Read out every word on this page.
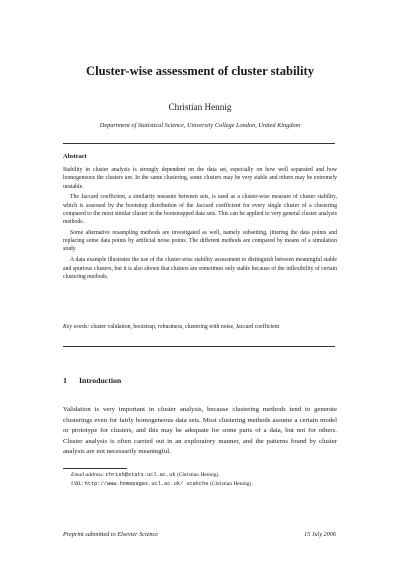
Cluster-wise assessment of cluster stability
Christian Hennig
Department of Statistical Science, University College London, United Kingdom
Abstract

Stability in cluster analysis is strongly dependent on the data set, especially on how well separated and how homogeneous the clusters are. In the same clustering, some clusters may be very stable and others may be extremely unstable.

The Jaccard coefficient, a similarity measure between sets, is used as a cluster-wise measure of cluster stability, which is assessed by the bootstrap distribution of the Jaccard coefficient for every single cluster of a clustering compared to the most similar cluster in the bootstrapped data sets. This can be applied to very general cluster analysis methods.

Some alternative resampling methods are investigated as well, namely subsetting, jittering the data points and replacing some data points by artificial noise points. The different methods are compared by means of a simulation study.

A data example illustrates the use of the cluster-wise stability assessment to distinguish between meaningful stable and spurious clusters, but it is also shown that clusters are sometimes only stable because of the inflexibility of certain clustering methods.

Key words: cluster validation, bootstrap, robustness, clustering with noise, Jaccard coefficient
1 Introduction

Validation is very important in cluster analysis, because clustering methods tend to generate clusterings even for fairly homogeneous data sets. Most clustering methods assume a certain model or prototype for clusters, and this may be adequate for some parts of a data, but not for others. Cluster analysis is often carried out in an exploratory manner, and the patterns found by cluster analysis are not necessarily meaningful.

Email address: chrish@stats.ucl.ac.uk (Christian Hennig).
URL: http://www.homepages.ucl.ac.uk/ ucakche (Christian Hennig).
Preprint submitted to Elsevier Science	15 July 2006
